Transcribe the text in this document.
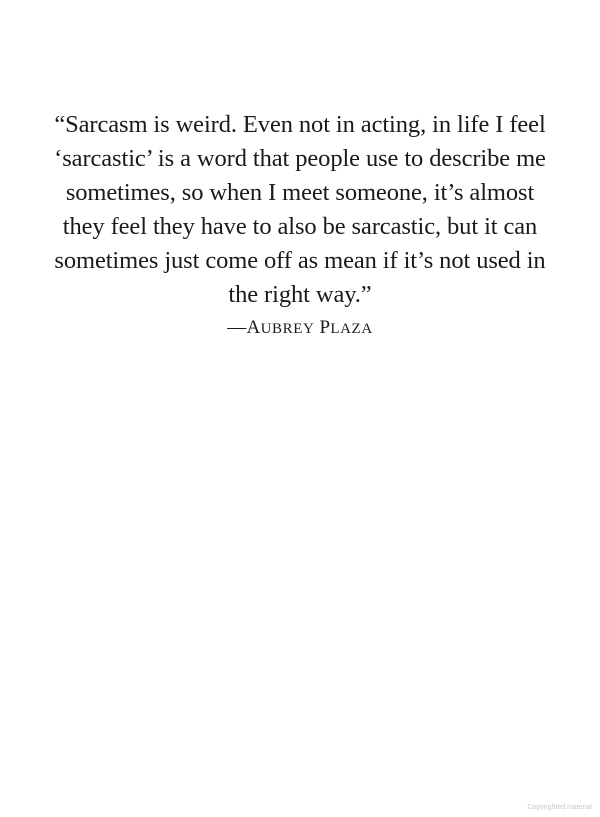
“Sarcasm is weird. Even not in acting, in life I feel
‘sarcastic’ is a word that people use to describe me
sometimes, so when I meet someone, it’s almost
they feel they have to also be sarcastic, but it can
sometimes just come off as mean if it’s not used in
the right way.”
—AUBREY PLAZA
Copyrighted material
